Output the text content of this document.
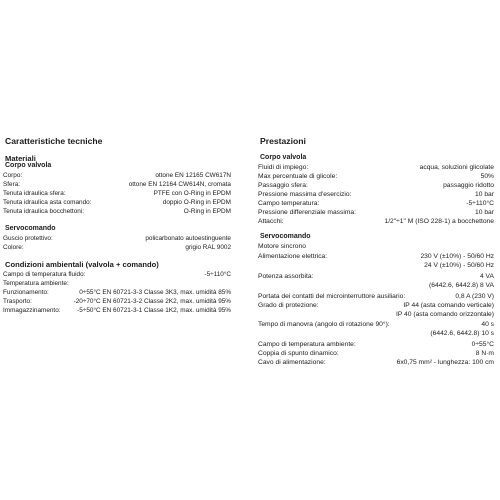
Caratteristiche tecniche
Materiali
Corpo valvola
Corpo:	ottone EN 12165 CW617N
Sfera:	ottone EN 12164 CW614N, cromata
Tenuta idraulica sfera:	PTFE con O-Ring in EPDM
Tenuta idraulica asta comando:	doppio O-Ring in EPDM
Tenuta idraulica bocchettoni:	O-Ring in EPDM
Servocomando
Guscio protettivo:	policarbonato autoestinguente
Colore:	grigio RAL 9002
Condizioni ambientali (valvola + comando)
Campo di temperatura fluido:	-5÷110°C
Temperatura ambiente:
Funzionamento:	0÷55°C EN 60721-3-3 Classe 3K3, max. umidità 85%
Trasporto:	-20÷70°C EN 60721-3-2 Classe 2K2, max. umidità 95%
Immagazzinamento:	-5÷50°C EN 60721-3-1 Classe 1K2, max. umidità 95%
Prestazioni
Corpo valvola
Fluidi di impiego:	acqua, soluzioni glicolate
Max percentuale di glicole:	50%
Passaggio sfera:	passaggio ridotto
Pressione massima d'esercizio:	10 bar
Campo temperatura:	-5÷110°C
Pressione differenziale massima:	10 bar
Attacchi:	1/2"÷1" M (ISO 228-1) a bocchettone
Servocomando
Motore sincrono
Alimentazione elettrica:	230 V (±10%) - 50/60 Hz
24 V (±10%) - 50/60 Hz
Potenza assorbita:	4 VA
(6442.6, 6442.8) 8 VA
Portata dei contatti del microinterruttore ausiliario:	0,8 A (230 V)
Grado di protezione:	IP 44 (asta comando verticale)
IP 40 (asta comando orizzontale)
Tempo di manovra (angolo di rotazione 90°):	40 s
(6442.6, 6442.8) 10 s
Campo di temperatura ambiente:	0÷55°C
Coppia di spunto dinamico:	8 N·m
Cavo di alimentazione:	6x0,75 mm² - lunghezza: 100 cm
